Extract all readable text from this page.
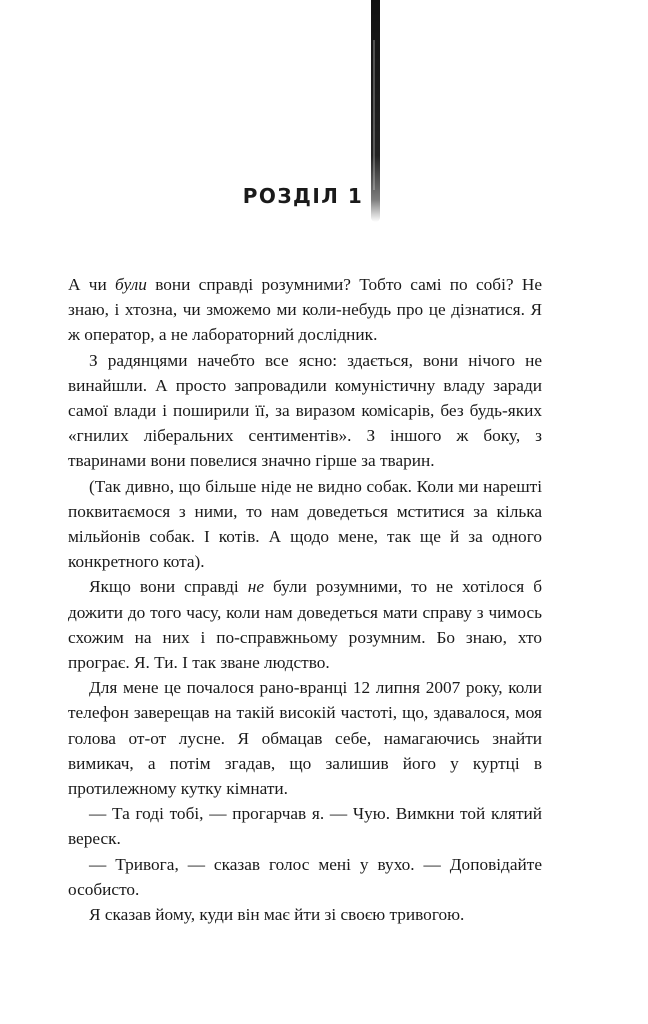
РОЗДІЛ 1

А чи були вони справді розумними? Тобто самі по собі? Не знаю, і хтозна, чи зможемо ми коли-небудь про це дізнатися. Я ж оператор, а не лабораторний дослідник.

З радянцями начебто все ясно: здається, вони нічого не винайшли. А просто запровадили комуністичну владу заради самої влади і поширили її, за виразом комісарів, без будь-яких «гнилих ліберальних сентиментів». З іншого ж боку, з тваринами вони повелися значно гірше за тварин.

(Так дивно, що більше ніде не видно собак. Коли ми нарешті поквитаємося з ними, то нам доведеться мститися за кілька мільйонів собак. І котів. А щодо мене, так ще й за одного конкретного кота).

Якщо вони справді не були розумними, то не хотілося б дожити до того часу, коли нам доведеться мати справу з чимось схожим на них і по-справжньому розумним. Бо знаю, хто програє. Я. Ти. І так зване людство.

Для мене це почалося рано-вранці 12 липня 2007 року, коли телефон заверещав на такій високій частоті, що, здавалося, моя голова от-от лусне. Я обмацав себе, намагаючись знайти вимикач, а потім згадав, що залишив його у куртці в протилежному кутку кімнати.

— Та годі тобі, — прогарчав я. — Чую. Вимкни той клятий вереск.

— Тривога, — сказав голос мені у вухо. — Доповідайте особисто.

Я сказав йому, куди він має йти зі своєю тривогою.
